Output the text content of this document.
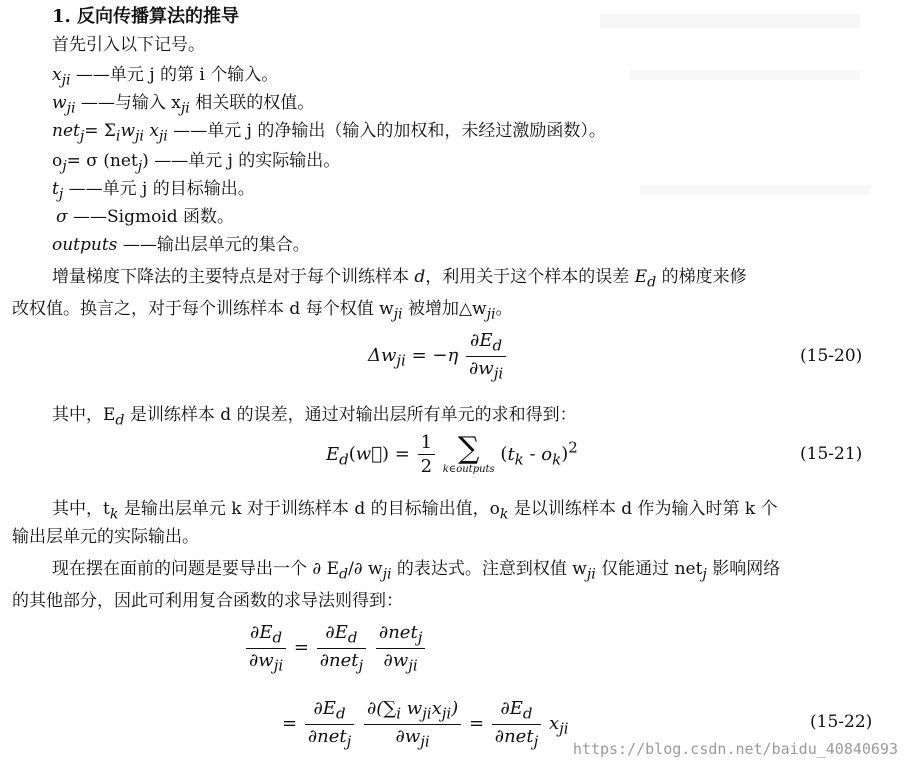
1. 反向传播算法的推导
首先引入以下记号。
$x_{ji}$ ——单元 j 的第 i 个输入。
$w_{ji}$ ——与输入 $x_{ji}$ 相关联的权值。
$net_j= \Sigma_iw_{ji}$ $x_{ji}$ ——单元 j 的净输出（输入的加权和，未经过激励函数）。
$o_j= \sigma$ (net$_j$) ——单元 j 的实际输出。
$t_j$ ——单元 j 的目标输出。
σ ——Sigmoid 函数。
outputs ——输出层单元的集合。
增量梯度下降法的主要特点是对于每个训练样本 d，利用关于这个样本的误差 $E_d$ 的梯度来修
改权值。换言之，对于每个训练样本 d 每个权值 $w_{ji}$ 被增加$\triangle w_{ji}$。
$\Delta w_{ji} = -\eta \frac{\partial E_d}{\partial w_{ji}}$	(15-20)
其中，$E_d$ 是训练样本 d 的误差，通过对输出层所有单元的求和得到：
$E_d(w⃗) = \frac{1}{2}$
∑
k∈outputs
$(t_k - o_k)^2$	(15-21)
其中，$t_k$ 是输出层单元 k 对于训练样本 d 的目标输出值，$o_k$ 是以训练样本 d 作为输入时第 k 个
输出层单元的实际输出。
现在摆在面前的问题是要导出一个 ∂ $E_d/\partial$ $w_{ji}$ 的表达式。注意到权值 $w_{ji}$ 仅能通过 net$_j$ 影响网络
的其他部分，因此可利用复合函数的求导法则得到：
$\frac{\partial E_d}{\partial w_{ji}} = \frac{\partial E_d}{\partial net_j}$
$\frac{\partial net_j}{\partial w_{ji}}$
= $\frac{\partial E_d}{\partial net_j}$
$\frac{\partial(\sum_i w_{ji}x_{ji})}{\partial w_{ji}} = \frac{\partial E_d}{\partial net_j} x_{ji}$	(15-22)
https://blog.csdn.net/baidu_40840693
